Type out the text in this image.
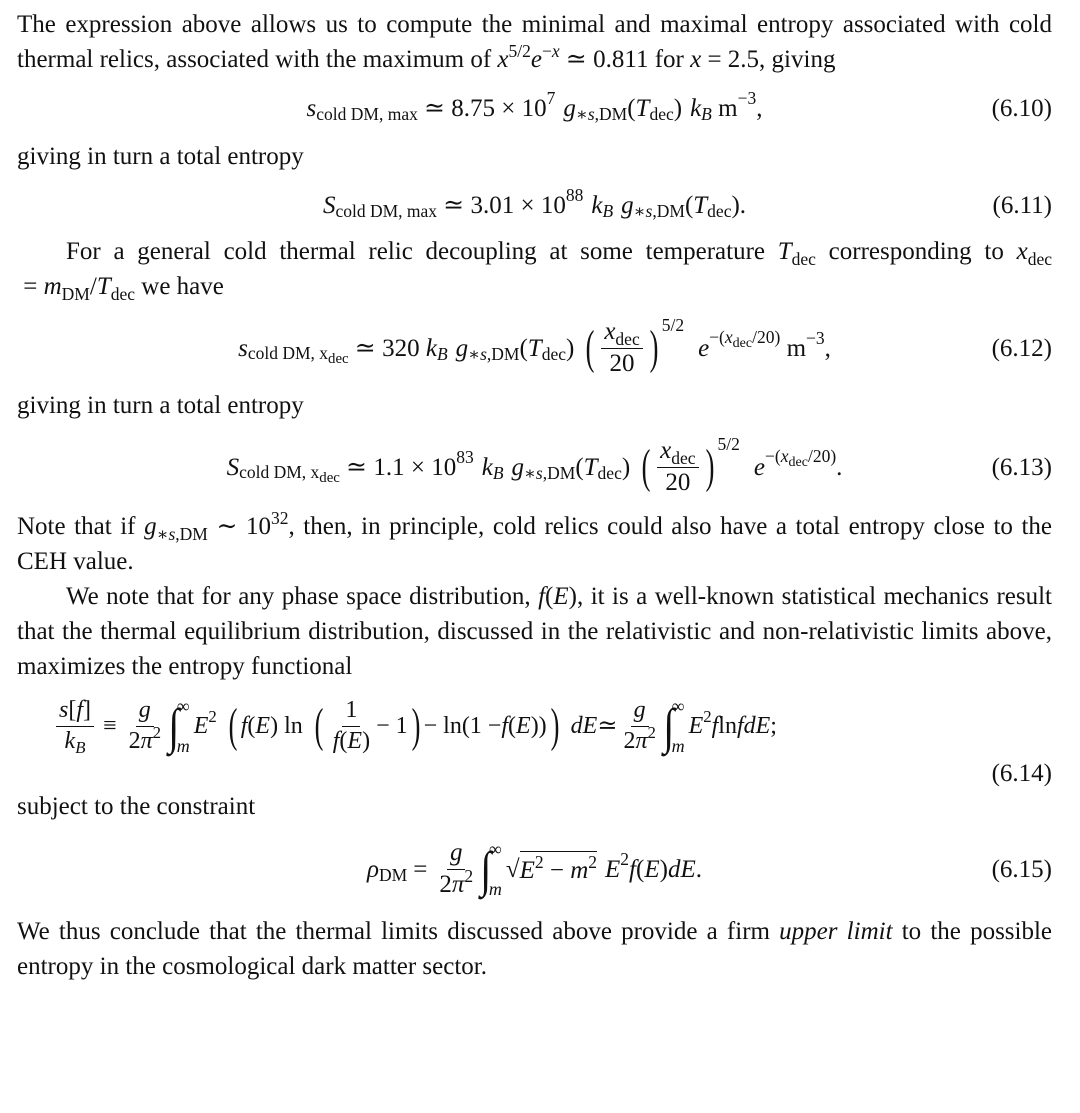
The expression above allows us to compute the minimal and maximal entropy associated with cold thermal relics, associated with the maximum of $x^{5/2}e^{-x}$ ≃ 0.811 for x = 2.5, giving

s $_{cold DM, max}$ ≃ $8.75 \times 10^7$ $g_{∗s,DM}$ ( $T_{dec}$ ) k $_B$ $m^{-3}$ ,	(6.10)

giving in turn a total entropy

S $_{cold DM, max}$ ≃ $3.01 \times 10^{88}$ k $_B$ $g_{∗s,DM}$ ( $T_{dec}$ ).	(6.11)

For a general cold thermal relic decoupling at some temperature $T_{dec}$ corresponding to $x_{dec} = m_{DM}/T_{dec}$ we have

s $_{cold DM, x_{dec}}$ ≃ 320 k $_B$ $g_{∗s,DM}$ ( $T_{dec}$ ) ( $\frac{x_{dec}}{20} )^{5/2}$
$e^{-(x_{dec}/20)}$ $m^{-3}$ ,	(6.12)

giving in turn a total entropy

S $_{cold DM, x_{dec}}$ ≃ $1.1 \times 10^{83}$ k $_B$ $g_{∗s,DM}$ ( $T_{dec}$ ) ( $\frac{x_{dec}}{20} )^{5/2}$
$e^{-(x_{dec}/20)}$ .	(6.13)

Note that if $g_{∗s,DM}$ ∼ $10^{32}$, then, in principle, cold relics could also have a total entropy close to the CEH value.

We note that for any phase space distribution, f(E), it is a well-known statistical mechanics result that the thermal equilibrium distribution, discussed in the relativistic and non-relativistic limits above, maximizes the entropy functional

$\frac{s[f]}{k_B} \equiv \frac{g}{2\pi^2}$ ∫
∞
m
$E^2$ ( f ( E ) ln ( $\frac{1}{f(E)} - 1$ ) − ln(1 − f ( E )) ) dE ≃ $\frac{g}{2\pi^2}$ ∫
∞
m
$E^2$ f ln fdE ;
(6.14)

subject to the constraint

$\rho_{DM} = \frac{g}{2\pi^2}$ ∫
∞
m
√ $E^2 - m^2$ $E^2$ f ( E ) dE .	(6.15)

We thus conclude that the thermal limits discussed above provide a firm upper limit to the possible entropy in the cosmological dark matter sector.
